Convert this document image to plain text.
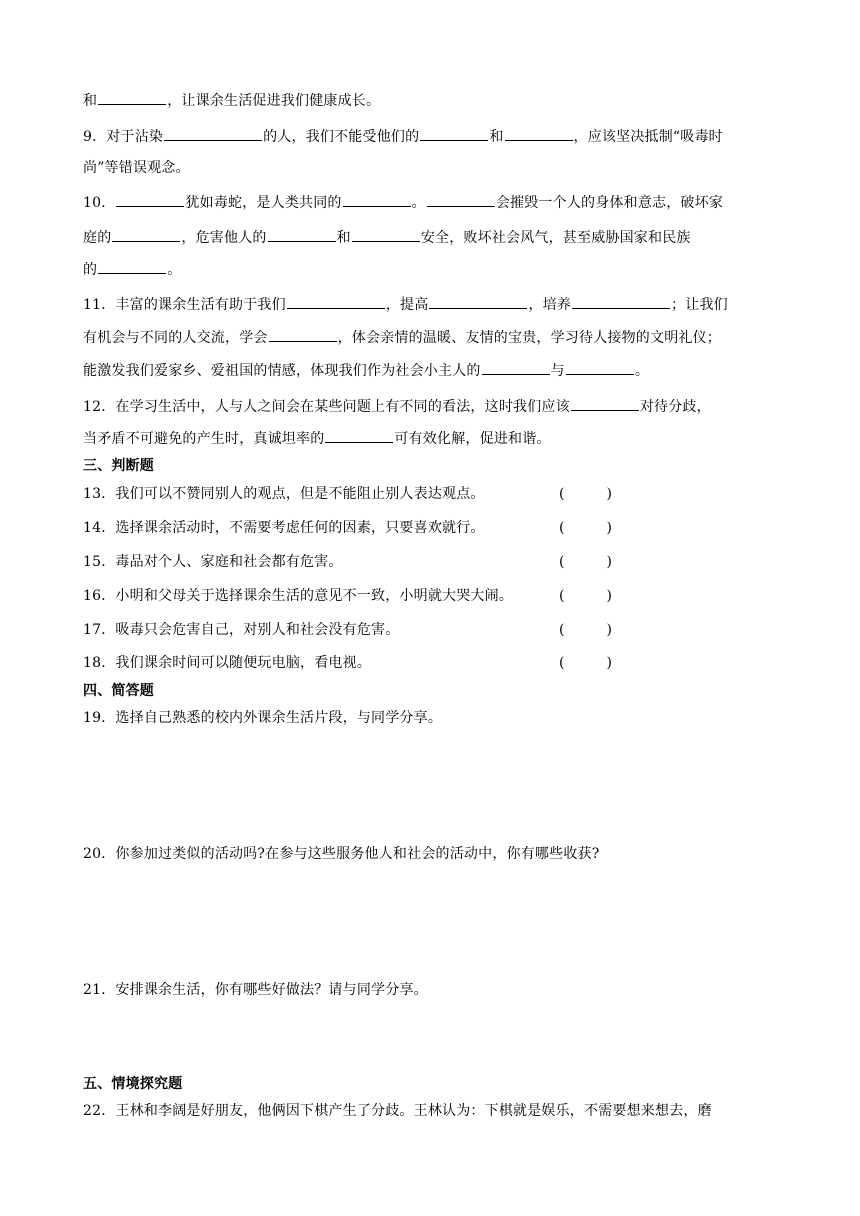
和	，让课余生活促进我们健康成长。
9．对于沾染	的人，我们不能受他们的	和	，应该坚决抵制“吸毒时
尚”等错误观念。
10．	犹如毒蛇，是人类共同的	。	会摧毁一个人的身体和意志，破坏家
庭的	，危害他人的	和	安全，败坏社会风气，甚至威胁国家和民族
的	。
11．丰富的课余生活有助于我们	，提高	，培养	；让我们
有机会与不同的人交流，学会	，体会亲情的温暖、友情的宝贵，学习待人接物的文明礼仪；
能激发我们爱家乡、爱祖国的情感，体现我们作为社会小主人的	与	。
12．在学习生活中，人与人之间会在某些问题上有不同的看法，这时我们应该	对待分歧，
当矛盾不可避免的产生时，真诚坦率的	可有效化解，促进和谐。
三、判断题
13．我们可以不赞同别人的观点，但是不能阻止别人表达观点。	(　　　)
14．选择课余活动时，不需要考虑任何的因素，只要喜欢就行。	(　　　)
15．毒品对个人、家庭和社会都有危害。	(　　　)
16．小明和父母关于选择课余生活的意见不一致，小明就大哭大闹。	(　　　)
17．吸毒只会危害自己，对别人和社会没有危害。	(　　　)
18．我们课余时间可以随便玩电脑，看电视。	(　　　)
四、简答题
19．选择自己熟悉的校内外课余生活片段，与同学分享。
20．你参加过类似的活动吗?在参与这些服务他人和社会的活动中，你有哪些收获?
21．安排课余生活，你有哪些好做法？请与同学分享。
五、情境探究题
22．王林和李阔是好朋友，他俩因下棋产生了分歧。王林认为：下棋就是娱乐，不需要想来想去，磨
